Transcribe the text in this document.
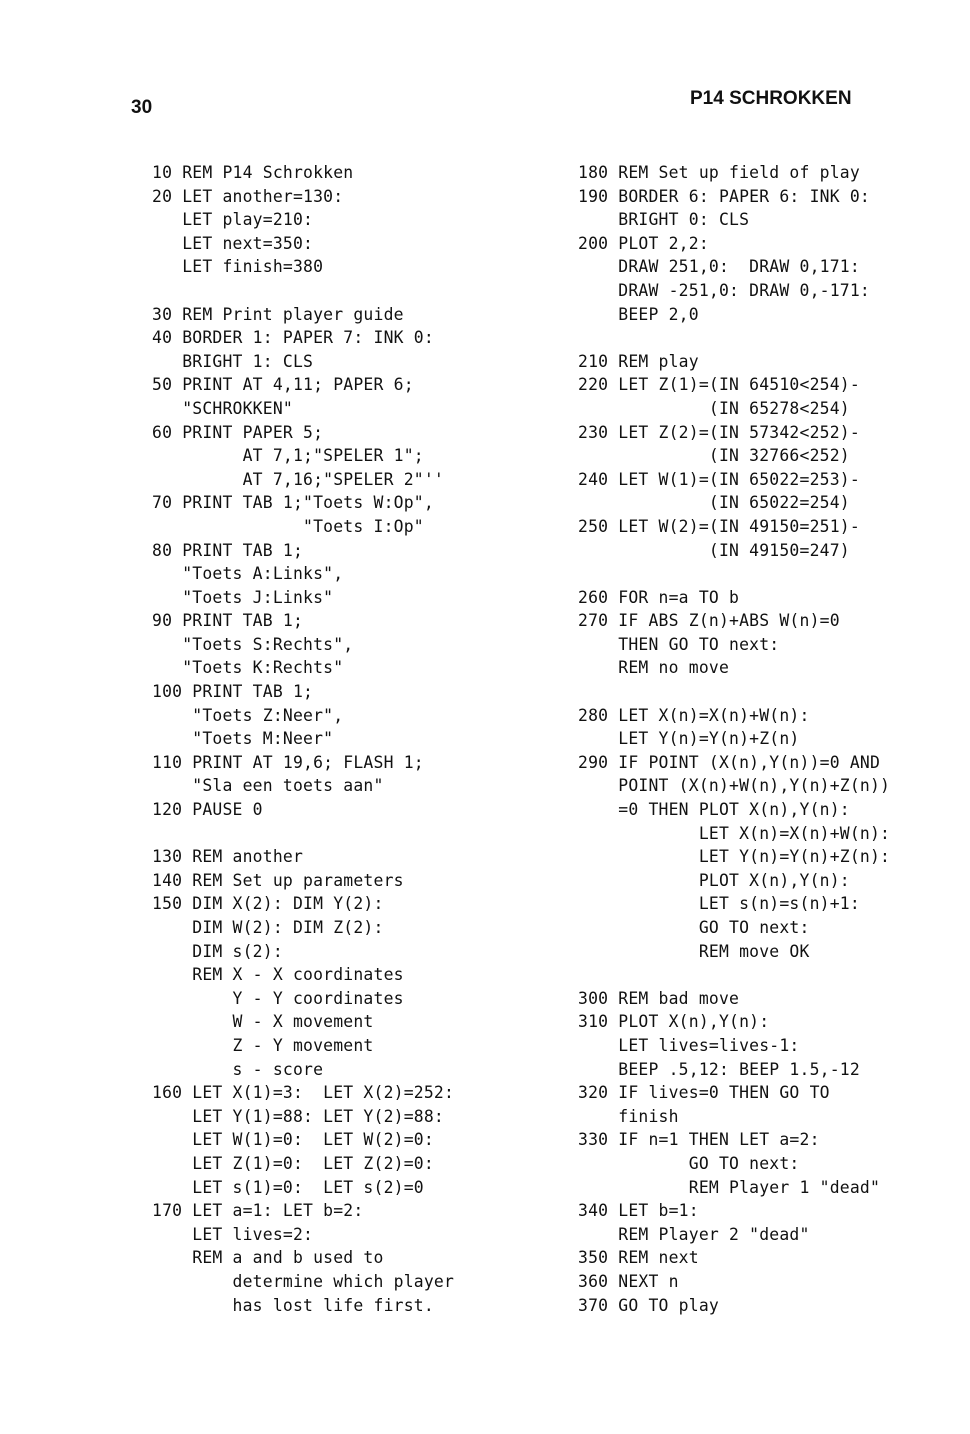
30	P14 SCHROKKEN
10 REM P14 Schrokken
20 LET another=130:
LET play=210:
LET next=350:
LET finish=380
30 REM Print player guide
40 BORDER 1: PAPER 7: INK 0:
BRIGHT 1: CLS
50 PRINT AT 4,11; PAPER 6;
"SCHROKKEN"
60 PRINT PAPER 5;
AT 7,1;"SPELER 1";
AT 7,16;"SPELER 2"''
70 PRINT TAB 1;"Toets W:Op",
"Toets I:Op"
80 PRINT TAB 1;
"Toets A:Links",
"Toets J:Links"
90 PRINT TAB 1;
"Toets S:Rechts",
"Toets K:Rechts"
100 PRINT TAB 1;
"Toets Z:Neer",
"Toets M:Neer"
110 PRINT AT 19,6; FLASH 1;
"Sla een toets aan"
120 PAUSE 0
130 REM another
140 REM Set up parameters
150 DIM X(2): DIM Y(2):
DIM W(2): DIM Z(2):
DIM s(2):
REM X - X coordinates
Y - Y coordinates
W - X movement
Z - Y movement
s - score
160 LET X(1)=3:  LET X(2)=252:
LET Y(1)=88: LET Y(2)=88:
LET W(1)=0:  LET W(2)=0:
LET Z(1)=0:  LET Z(2)=0:
LET s(1)=0:  LET s(2)=0
170 LET a=1: LET b=2:
LET lives=2:
REM a and b used to
determine which player
has lost life first.
180 REM Set up field of play
190 BORDER 6: PAPER 6: INK 0:
BRIGHT 0: CLS
200 PLOT 2,2:
DRAW 251,0:  DRAW 0,171:
DRAW -251,0: DRAW 0,-171:
BEEP 2,0
210 REM play
220 LET Z(1)=(IN 64510<254)-
(IN 65278<254)
230 LET Z(2)=(IN 57342<252)-
(IN 32766<252)
240 LET W(1)=(IN 65022=253)-
(IN 65022=254)
250 LET W(2)=(IN 49150=251)-
(IN 49150=247)
260 FOR n=a TO b
270 IF ABS Z(n)+ABS W(n)=0
THEN GO TO next:
REM no move
280 LET X(n)=X(n)+W(n):
LET Y(n)=Y(n)+Z(n)
290 IF POINT (X(n),Y(n))=0 AND
POINT (X(n)+W(n),Y(n)+Z(n))
=0 THEN PLOT X(n),Y(n):
LET X(n)=X(n)+W(n):
LET Y(n)=Y(n)+Z(n):
PLOT X(n),Y(n):
LET s(n)=s(n)+1:
GO TO next:
REM move OK
300 REM bad move
310 PLOT X(n),Y(n):
LET lives=lives-1:
BEEP .5,12: BEEP 1.5,-12
320 IF lives=0 THEN GO TO
finish
330 IF n=1 THEN LET a=2:
GO TO next:
REM Player 1 "dead"
340 LET b=1:
REM Player 2 "dead"
350 REM next
360 NEXT n
370 GO TO play
